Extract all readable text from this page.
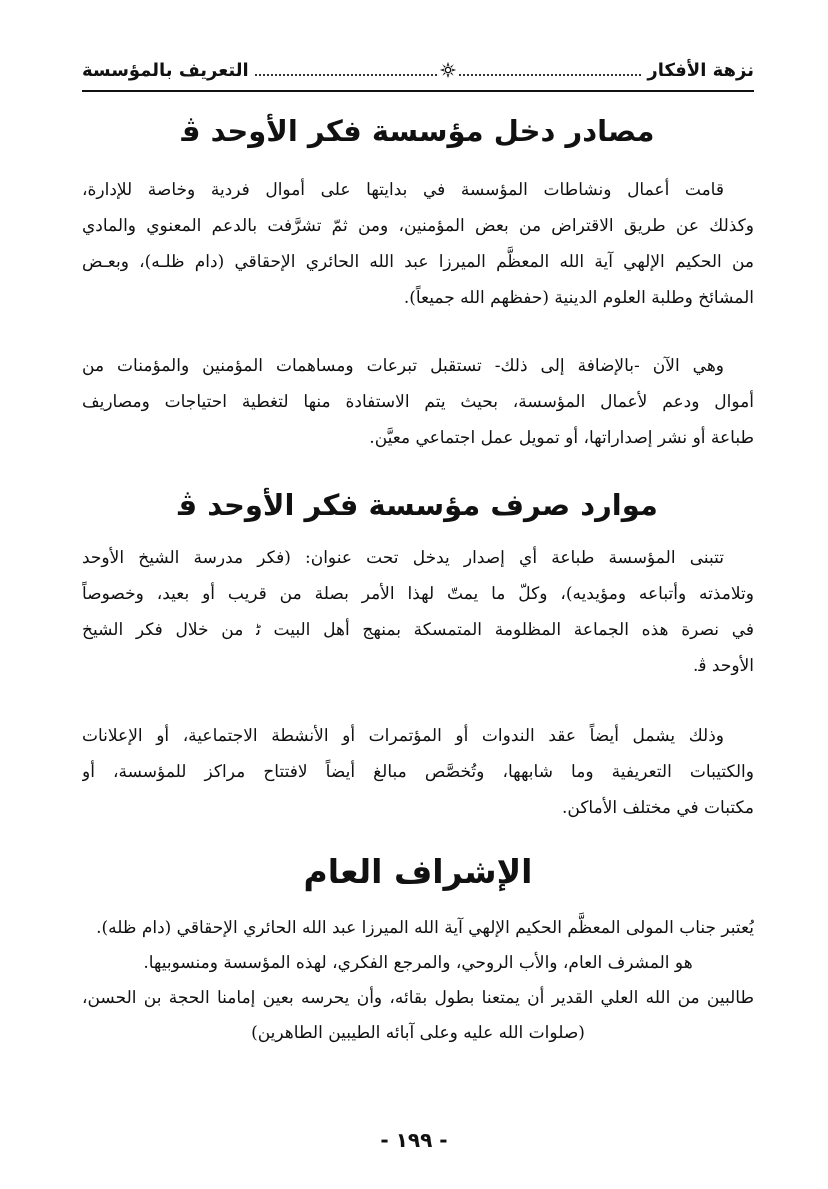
نزهة الأفكار
التعريف بالمؤسسة
مصادر دخل مؤسسة فكر الأوحد ﭬ
قامت أعمال ونشاطات المؤسسة في بدايتها على أموال فردية وخاصة للإدارة،
وكذلك عن طريق الاقتراض من بعض المؤمنين، ومن ثمّ تشرَّفت بالدعم المعنوي والمادي
من الحكيم الإلهي آية الله المعظَّم الميرزا عبد الله الحائري الإحقاقي (دام ظلـه)، وبعـض
المشائخ وطلبة العلوم الدينية (حفظهم الله جميعاً).
وهي الآن -بالإضافة إلى ذلك- تستقبل تبرعات ومساهمات المؤمنين والمؤمنات من
أموال ودعم لأعمال المؤسسة، بحيث يتم الاستفادة منها لتغطية احتياجات ومصاريف
طباعة أو نشر إصداراتها، أو تمويل عمل اجتماعي معيَّن.
موارد صرف مؤسسة فكر الأوحد ﭬ
تتبنى المؤسسة طباعة أي إصدار يدخل تحت عنوان: (فكر مدرسة الشيخ الأوحد
وتلامذته وأتباعه ومؤيديه)، وكلّ ما يمتّ لهذا الأمر بصلة من قريب أو بعيد، وخصوصاً
في نصرة هذه الجماعة المظلومة المتمسكة بمنهج أهل البيت ﭨ من خلال فكر الشيخ
الأوحد ﭬ.
وذلك يشمل أيضاً عقد الندوات أو المؤتمرات أو الأنشطة الاجتماعية، أو الإعلانات
والكتيبات التعريفية وما شابهها، وتُخصَّص مبالغ أيضاً لافتتاح مراكز للمؤسسة، أو
مكتبات في مختلف الأماكن.
الإشراف العام
يُعتبر جناب المولى المعظَّم الحكيم الإلهي آية الله الميرزا عبد الله الحائري الإحقاقي (دام ظله).
هو المشرف العام، والأب الروحي، والمرجع الفكري، لهذه المؤسسة ومنسوبيها.
طالبين من الله العلي القدير أن يمتعنا بطول بقائه، وأن يحرسه بعين إمامنا الحجة بن الحسن،
(صلوات الله عليه وعلى آبائه الطيبين الطاهرين)
- ١٩٩ -
